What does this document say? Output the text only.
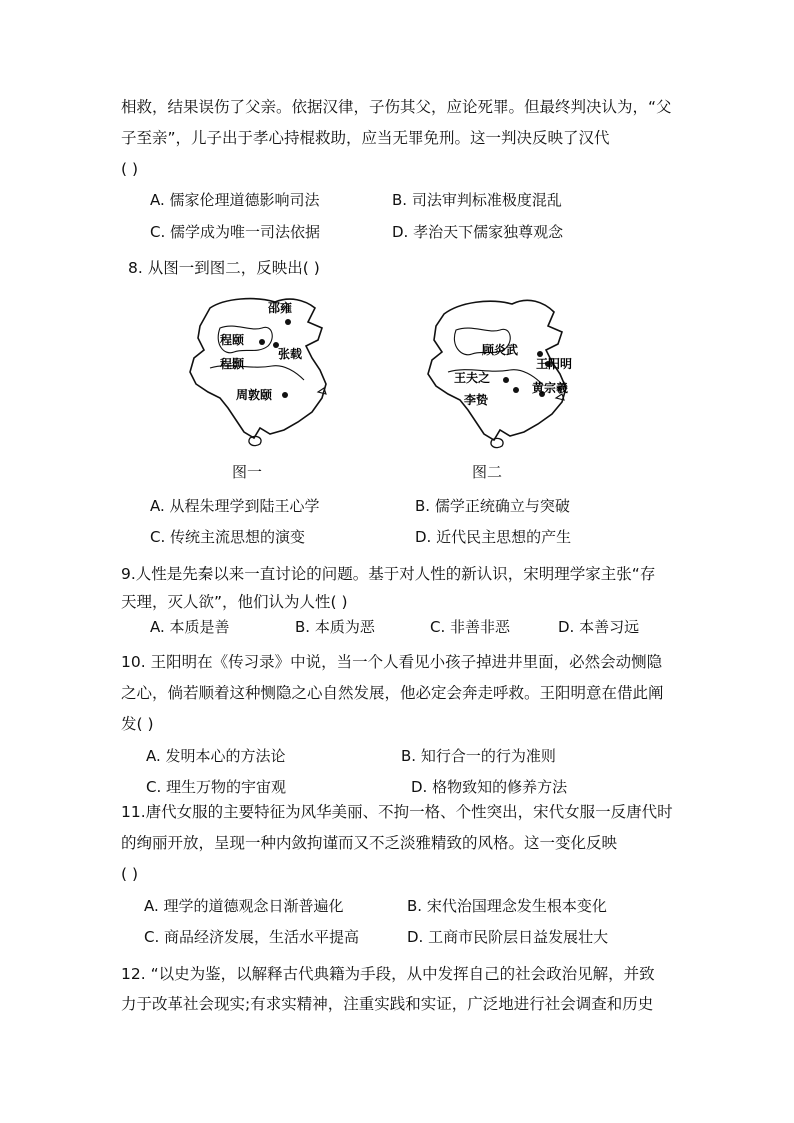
相救，结果误伤了父亲。依据汉律，子伤其父，应论死罪。但最终判决认为，“父
子至亲”，儿子出于孝心持棍救助，应当无罪免刑。这一判决反映了汉代
( )
A. 儒家伦理道德影响司法	B. 司法审判标准极度混乱
C. 儒学成为唯一司法依据	D. 孝治天下儒家独尊观念
8. 从图一到图二，反映出( )
邵雍
程颐
张载
程颢
周敦颐
图一
顾炎武
王阳明
王夫之
李贽
黄宗羲
图二
A. 从程朱理学到陆王心学	B. 儒学正统确立与突破
C. 传统主流思想的演变	D. 近代民主思想的产生
9.人性是先秦以来一直讨论的问题。基于对人性的新认识，宋明理学家主张“存
天理，灭人欲”，他们认为人性( )
A. 本质是善	B. 本质为恶	C. 非善非恶	D. 本善习远
10. 王阳明在《传习录》中说，当一个人看见小孩子掉进井里面，必然会动恻隐
之心，倘若顺着这种恻隐之心自然发展，他必定会奔走呼救。王阳明意在借此阐
发( )
A. 发明本心的方法论	B. 知行合一的行为准则
C. 理生万物的宇宙观	D. 格物致知的修养方法
11.唐代女服的主要特征为风华美丽、不拘一格、个性突出，宋代女服一反唐代时
的绚丽开放，呈现一种内敛拘谨而又不乏淡雅精致的风格。这一变化反映
( )
A. 理学的道德观念日渐普遍化	B. 宋代治国理念发生根本变化
C. 商品经济发展，生活水平提高	D. 工商市民阶层日益发展壮大
12. “以史为鉴，以解释古代典籍为手段，从中发挥自己的社会政治见解，并致
力于改革社会现实;有求实精神，注重实践和实证，广泛地进行社会调查和历史
